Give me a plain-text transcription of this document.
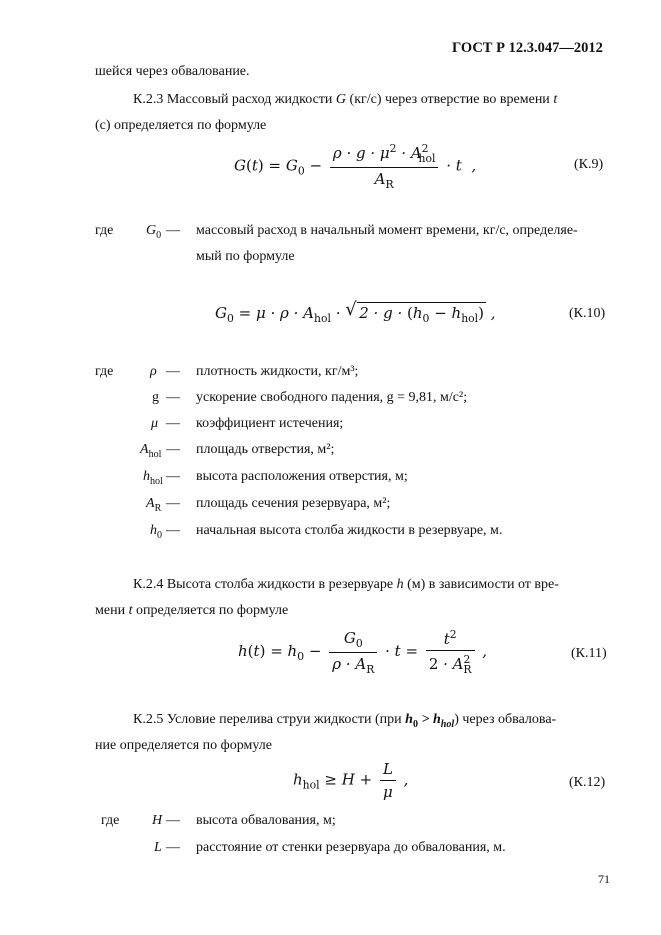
ГОСТ Р 12.3.047—2012
шейся через обвалование.
К.2.3 Массовый расход жидкости G (кг/с) через отверстие во времени t
(с) определяется по формуле
$G(t) = G_0 - \frac{\rho \cdot g \cdot \mu^2 \cdot A^2_{hol}}{A_R} \cdot t$  ,	(К.9)
где $G_0$ — массовый расход в начальный момент времени, кг/с, определяе-
мый по формуле
$G_0 = \mu \cdot \rho \cdot A_{hol}$ · √ $2 \cdot g \cdot (h_0 - h_{hol})$ ,	(К.10)
где	ρ — плотность жидкости, кг/м³;
g — ускорение свободного падения, g = 9,81, м/с²;
μ — коэффициент истечения;
$A_{hol}$ — площадь отверстия, м²;
$h_{hol}$ — высота расположения отверстия, м;
$A_R$ — площадь сечения резервуара, м²;
$h_0$ — начальная высота столба жидкости в резервуаре, м.
К.2.4 Высота столба жидкости в резервуаре h (м) в зависимости от вре-
мени t определяется по формуле
$h(t) = h_0 - \frac{G_0}{\rho \cdot A_R} \cdot t = \frac{t^2}{2 \cdot A^2_R}$ ,	(К.11)
К.2.5 Условие перелива струи жидкости (при $h_0 > h_{hol}$) через обвалова-
ние определяется по формуле
$h_{hol} \ge H + \frac{L}{\mu}$ ,	(К.12)
где H — высота обвалования, м;
L — расстояние от стенки резервуара до обвалования, м.
71
